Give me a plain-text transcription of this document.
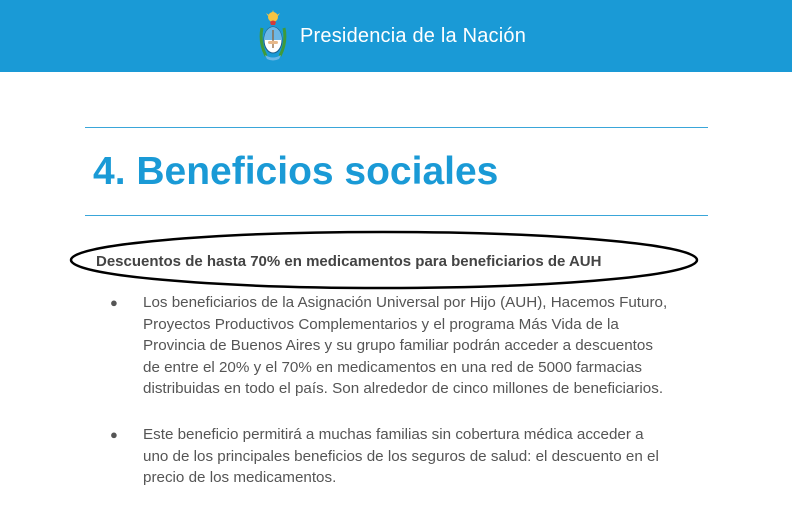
Presidencia de la Nación
4. Beneficios sociales

Descuentos de hasta 70% en medicamentos para beneficiarios de AUH

● Los beneficiarios de la Asignación Universal por Hijo (AUH), Hacemos Futuro,
Proyectos Productivos Complementarios y el programa Más Vida de la
Provincia de Buenos Aires y su grupo familiar podrán acceder a descuentos
de entre el 20% y el 70% en medicamentos en una red de 5000 farmacias
distribuidas en todo el país. Son alrededor de cinco millones de beneficiarios.
● Este beneficio permitirá a muchas familias sin cobertura médica acceder a
uno de los principales beneficios de los seguros de salud: el descuento en el
precio de los medicamentos.
